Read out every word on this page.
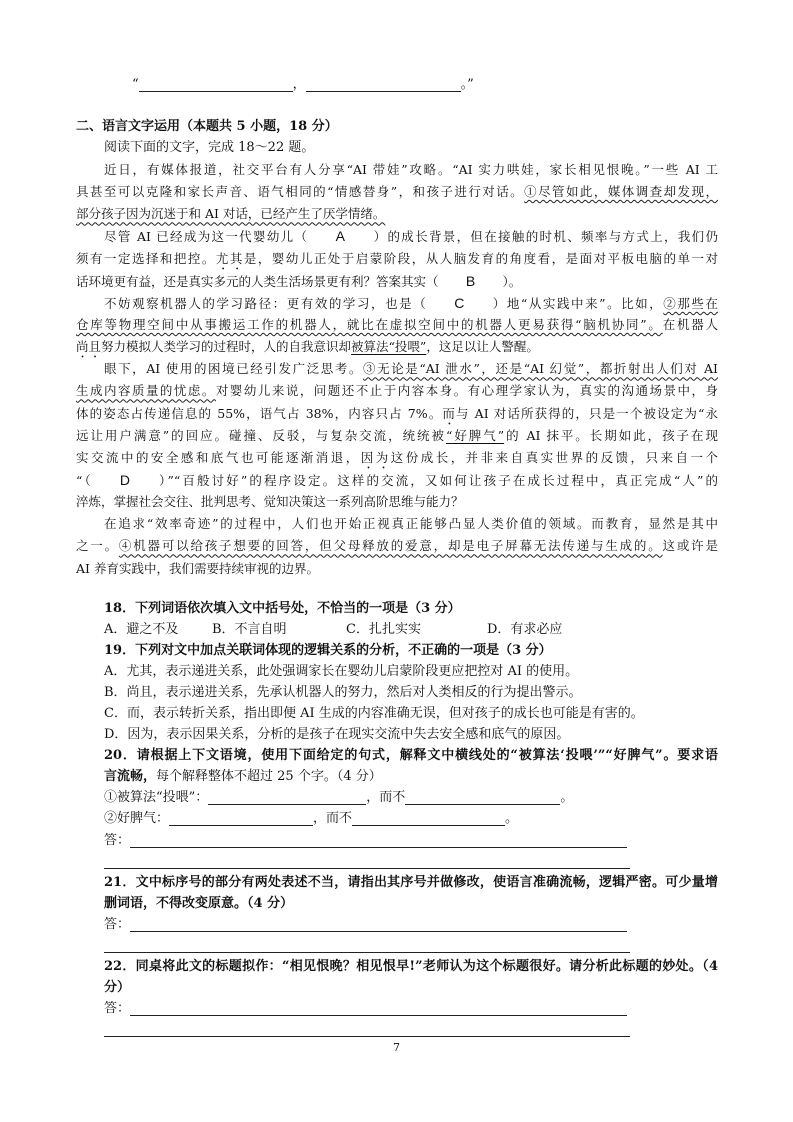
“	，	。”
二、语言文字运用（本题共 5 小题，18 分）
阅读下面的文字，完成 18～22 题。
近日，有媒体报道，社交平台有人分享“AI 带娃”攻略。“AI 实力哄娃，家长相见恨晚。”一些 AI 工
具甚至可以克隆和家长声音、语气相同的“情感替身”，和孩子进行对话。①尽管如此，媒体调查却发现，
部分孩子因为沉迷于和 AI 对话，已经产生了厌学情绪。
尽管 AI 已经成为这一代婴幼儿（ A ）的成长背景，但在接触的时机、频率与方式上，我们仍
须有一定选择和把控。尤其是，婴幼儿正处于启蒙阶段，从人脑发育的角度看，是面对平板电脑的单一对
话环境更有益，还是真实多元的人类生活场景更有利？答案其实（ B ）。
不妨观察机器人的学习路径：更有效的学习，也是（ C ）地“从实践中来”。比如，②那些在
仓库等物理空间中从事搬运工作的机器人，就比在虚拟空间中的机器人更易获得“脑机协同”。在机器人
尚且努力模拟人类学习的过程时，人的自我意识却被算法“投喂”，这足以让人警醒。
眼下，AI 使用的困境已经引发广泛思考。③无论是“AI 泄水”，还是“AI 幻觉”，都折射出人们对 AI
生成内容质量的忧虑。对婴幼儿来说，问题还不止于内容本身。有心理学家认为，真实的沟通场景中，身
体的姿态占传递信息的 55%，语气占 38%，内容只占 7%。而与 AI 对话所获得的，只是一个被设定为“永
远让用户满意”的回应。碰撞、反驳，与复杂交流，统统被“好脾气”的 AI 抹平。长期如此，孩子在现
实交流中的安全感和底气也可能逐渐消退，因为这份成长，并非来自真实世界的反馈，只来自一个
“（ D ）”“百般讨好”的程序设定。这样的交流，又如何让孩子在成长过程中，真正完成“人”的
淬炼，掌握社会交往、批判思考、觉知决策这一系列高阶思维与能力？
在追求“效率奇迹”的过程中，人们也开始正视真正能够凸显人类价值的领域。而教育，显然是其中
之一。④机器可以给孩子想要的回答，但父母释放的爱意，却是电子屏幕无法传递与生成的。这或许是
AI 养育实践中，我们需要持续审视的边界。
18．下列词语依次填入文中括号处，不恰当的一项是（3 分）
A．避之不及	B．不言自明	C．扎扎实实	D．有求必应
19．下列对文中加点关联词体现的逻辑关系的分析，不正确的一项是（3 分）
A．尤其，表示递进关系，此处强调家长在婴幼儿启蒙阶段更应把控对 AI 的使用。
B．尚且，表示递进关系，先承认机器人的努力，然后对人类相反的行为提出警示。
C．而，表示转折关系，指出即便 AI 生成的内容准确无误，但对孩子的成长也可能是有害的。
D．因为，表示因果关系，分析的是孩子在现实交流中失去安全感和底气的原因。
20．请根据上下文语境，使用下面给定的句式，解释文中横线处的“被算法‘投喂’”“好脾气”。要求语
言流畅，每个解释整体不超过 25 个字。（4 分）
①被算法“投喂”：	，而不	。
②好脾气：	，而不	。
答：
21．文中标序号的部分有两处表述不当，请指出其序号并做修改，使语言准确流畅，逻辑严密。可少量增
删词语，不得改变原意。（4 分）
答：
22．同桌将此文的标题拟作：“相见恨晚？相见恨早!”老师认为这个标题很好。请分析此标题的妙处。（4
分）
答：
7
